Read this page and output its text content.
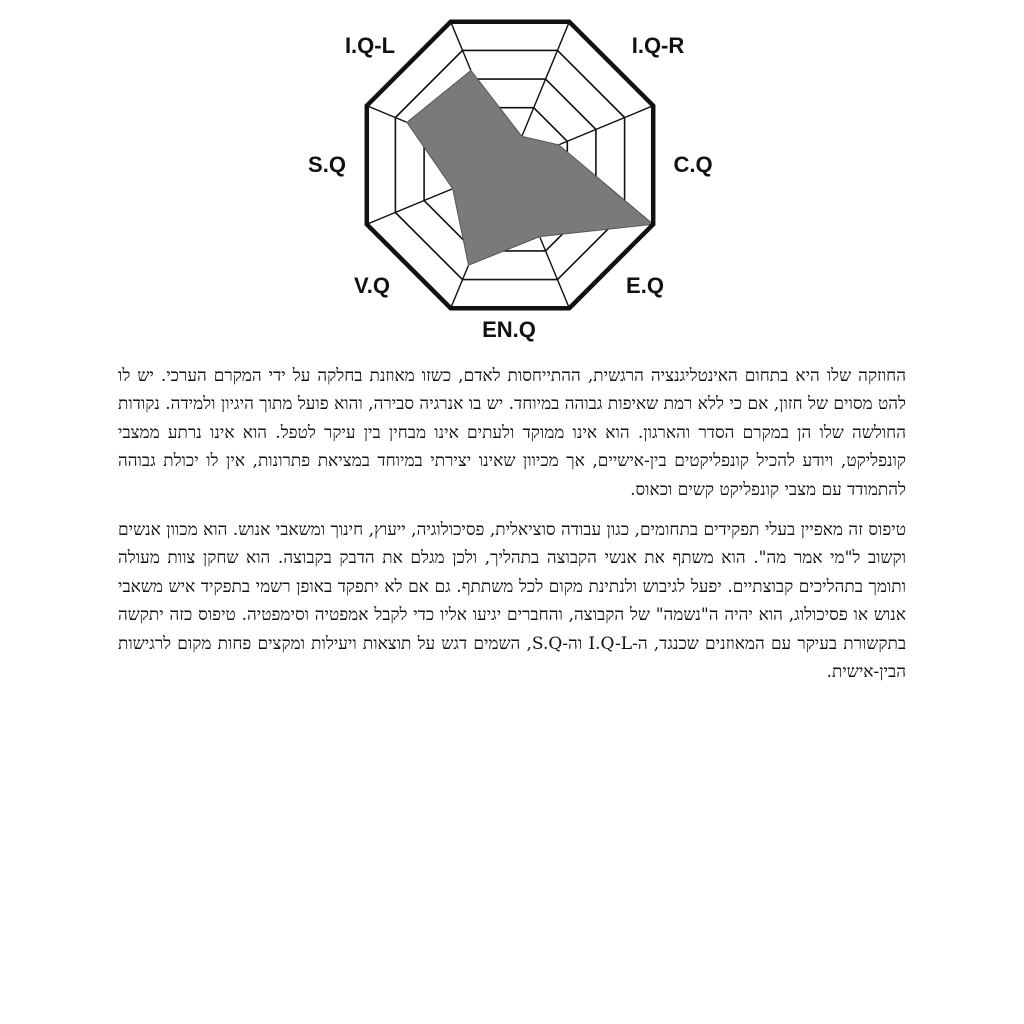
I.Q-L	I.Q-R
S.Q	C.Q
V.Q	E.Q
EN.Q

החוזקה שלו היא בתחום האינטליגנציה הרגשית, ההתייחסות לאדם, כשזו מאוזנת בחלקה על ידי המקרם הערכי. יש לו להט מסוים של חזון, אם כי ללא רמת שאיפות גבוהה במיוחד. יש בו אנרגיה סבירה, והוא פועל מתוך היגיון ולמידה. נקודות החולשה שלו הן במקרם הסדר והארגון. הוא אינו ממוקד ולעתים אינו מבחין בין עיקר לטפל. הוא אינו נרתע ממצבי קונפליקט, ויודע להכיל קונפליקטים בין-אישיים, אך מכיוון שאינו יצירתי במיוחד במציאת פתרונות, אין לו יכולת גבוהה להתמודד עם מצבי קונפליקט קשים וכאוס.

טיפוס זה מאפיין בעלי תפקידים בתחומים, כגון עבודה סוציאלית, פסיכולוגיה, ייעוץ, חינוך ומשאבי אנוש. הוא מכוון אנשים וקשוב ל"מי אמר מה". הוא משתף את אנשי הקבוצה בתהליך, ולכן מגלם את הדבק בקבוצה. הוא שחקן צוות מעולה ותומך בתהליכים קבוצתיים. יפעל לגיבוש ולנתינת מקום לכל משתתף. גם אם לא יתפקד באופן רשמי בתפקיד איש משאבי אנוש או פסיכולוג, הוא יהיה ה"נשמה" של הקבוצה, והחברים יגיעו אליו כדי לקבל אמפטיה וסימפטיה. טיפוס כזה יתקשה בתקשורת בעיקר עם המאוזנים שכנגד, ה-I.Q-L וה-S.Q, השמים דגש על תוצאות ויעילות ומקצים פחות מקום לרגישות הבין-אישית.
